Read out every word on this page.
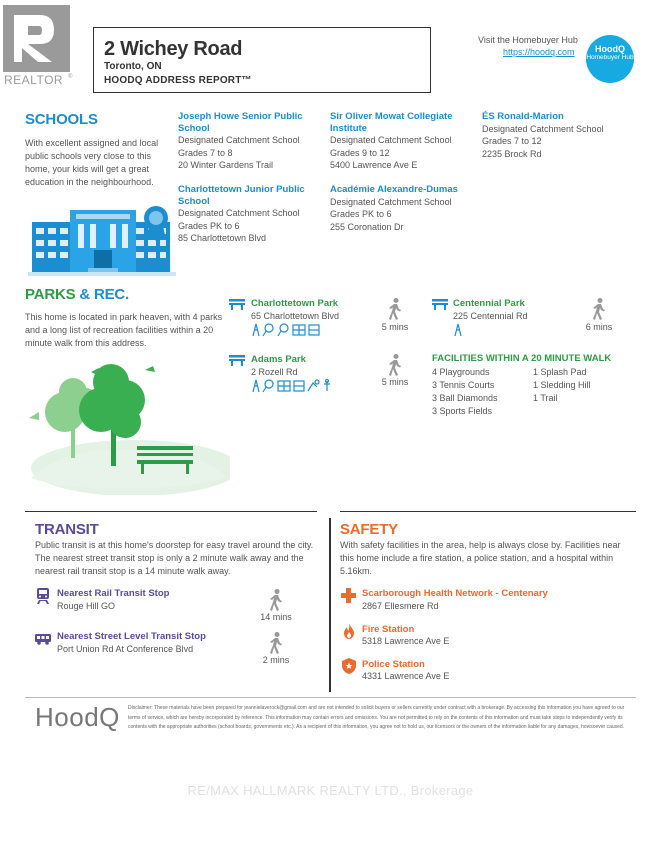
REALTOR ®
2 Wichey Road
Toronto, ON
HOODQ ADDRESS REPORT™
Visit the Homebuyer Hub
https://hoodq.com	HoodQ
Homebuyer Hub
SCHOOLS
With excellent assigned and local public schools very close to this home, your kids will get a great education in the neighbourhood.
Joseph Howe Senior Public School
Designated Catchment School
Grades 7 to 8
20 Winter Gardens Trail
Charlottetown Junior Public School
Designated Catchment School
Grades PK to 6
85 Charlottetown Blvd
Sir Oliver Mowat Collegiate Institute
Designated Catchment School
Grades 9 to 12
5400 Lawrence Ave E
Académie Alexandre-Dumas
Designated Catchment School
Grades PK to 6
255 Coronation Dr
ÉS Ronald-Marion
Designated Catchment School
Grades 7 to 12
2235 Brock Rd
PARKS & REC.
This home is located in park heaven, with 4 parks and a long list of recreation facilities within a 20 minute walk from this address.
Charlottetown Park
65 Charlottetown Blvd
5 mins
Centennial Park
225 Centennial Rd
6 mins
Adams Park
2 Rozell Rd
5 mins
FACILITIES WITHIN A 20 MINUTE WALK
4 Playgrounds
3 Tennis Courts
3 Ball Diamonds
3 Sports Fields
1 Splash Pad
1 Sledding Hill
1 Trail
TRANSIT
Public transit is at this home's doorstep for easy travel around the city. The nearest street transit stop is only a 2 minute walk away and the nearest rail transit stop is a 14 minute walk away.
Nearest Rail Transit Stop
Rouge Hill GO
14 mins
Nearest Street Level Transit Stop
Port Union Rd At Conference Blvd
2 mins
SAFETY
With safety facilities in the area, help is always close by. Facilities near this home include a fire station, a police station, and a hospital within 5.16km.
Scarborough Health Network - Centenary
2867 Ellesmere Rd
Fire Station
5318 Lawrence Ave E
Police Station
4331 Lawrence Ave E
HoodQ Disclaimer: These materials have been prepared for jeannielaverock@gmail.com and are not intended to solicit buyers or sellers currently under contract with a brokerage. By accessing this information you have agreed to our terms of service, which are hereby incorporated by reference. This information may contain errors and omissions. You are not permitted to rely on the contents of this information and must take steps to independently verify its contents with the appropriate authorities (school boards, governments etc.). As a recipient of this information, you agree not to hold us, our licensors or the owners of the information liable for any damages, howsoever caused.
RE/MAX HALLMARK REALTY LTD., Brokerage
